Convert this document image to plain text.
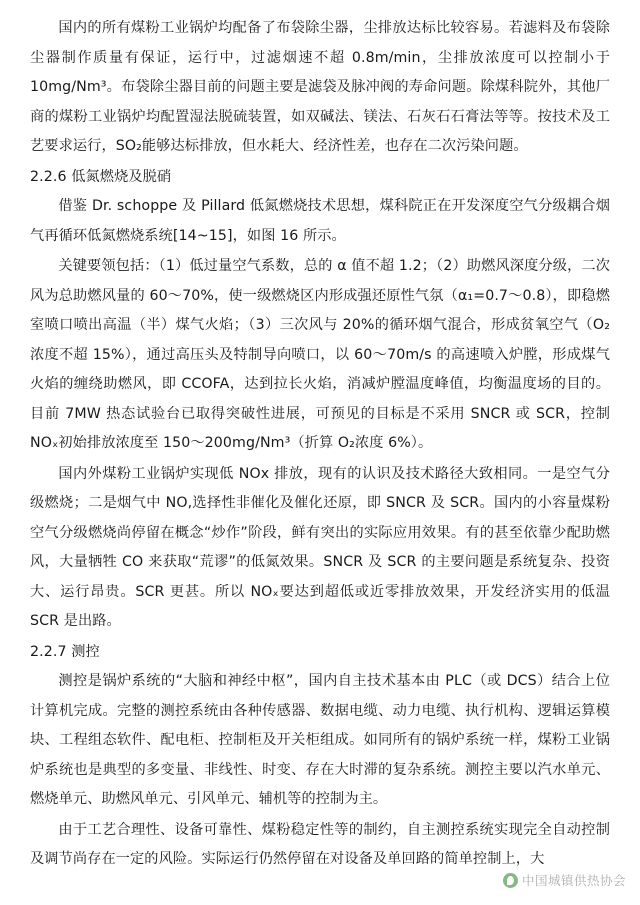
国内的所有煤粉工业锅炉均配备了布袋除尘器，尘排放达标比较容易。若滤料及布袋除尘器制作质量有保证，运行中，过滤烟速不超 0.8m/min，尘排放浓度可以控制小于 10mg/Nm³。布袋除尘器目前的问题主要是滤袋及脉冲阀的寿命问题。除煤科院外，其他厂商的煤粉工业锅炉均配置湿法脱硫装置，如双碱法、镁法、石灰石石膏法等等。按技术及工艺要求运行，SO₂能够达标排放，但水耗大、经济性差，也存在二次污染问题。

2.2.6 低氮燃烧及脱硝

借鉴 Dr. schoppe 及 Pillard 低氮燃烧技术思想，煤科院正在开发深度空气分级耦合烟气再循环低氮燃烧系统[14~15]，如图 16 所示。

关键要领包括：（1）低过量空气系数，总的 α 值不超 1.2；（2）助燃风深度分级，二次风为总助燃风量的 60～70%，使一级燃烧区内形成强还原性气氛（α₁=0.7～0.8），即稳燃室喷口喷出高温（半）煤气火焰；（3）三次风与 20%的循环烟气混合，形成贫氧空气（O₂浓度不超 15%），通过高压头及特制导向喷口，以 60～70m/s 的高速喷入炉膛，形成煤气火焰的缠绕助燃风，即 CCOFA，达到拉长火焰，消减炉膛温度峰值，均衡温度场的目的。目前 7MW 热态试验台已取得突破性进展，可预见的目标是不采用 SNCR 或 SCR，控制 NOₓ初始排放浓度至 150～200mg/Nm³（折算 O₂浓度 6%）。

国内外煤粉工业锅炉实现低 NOx 排放，现有的认识及技术路径大致相同。一是空气分级燃烧；二是烟气中 NO,选择性非催化及催化还原，即 SNCR 及 SCR。国内的小容量煤粉空气分级燃烧尚停留在概念“炒作”阶段，鲜有突出的实际应用效果。有的甚至依靠少配助燃风，大量牺牲 CO 来获取“荒谬”的低氮效果。SNCR 及 SCR 的主要问题是系统复杂、投资大、运行昂贵。SCR 更甚。所以 NOₓ要达到超低或近零排放效果，开发经济实用的低温 SCR 是出路。

2.2.7 测控

测控是锅炉系统的“大脑和神经中枢”，国内自主技术基本由 PLC（或 DCS）结合上位计算机完成。完整的测控系统由各种传感器、数据电缆、动力电缆、执行机构、逻辑运算模块、工程组态软件、配电柜、控制柜及开关柜组成。如同所有的锅炉系统一样，煤粉工业锅炉系统也是典型的多变量、非线性、时变、存在大时滞的复杂系统。测控主要以汽水单元、燃烧单元、助燃风单元、引风单元、辅机等的控制为主。

由于工艺合理性、设备可靠性、煤粉稳定性等的制约，自主测控系统实现完全自动控制及调节尚存在一定的风险。实际运行仍然停留在对设备及单回路的简单控制上，大

中国城镇供热协会
